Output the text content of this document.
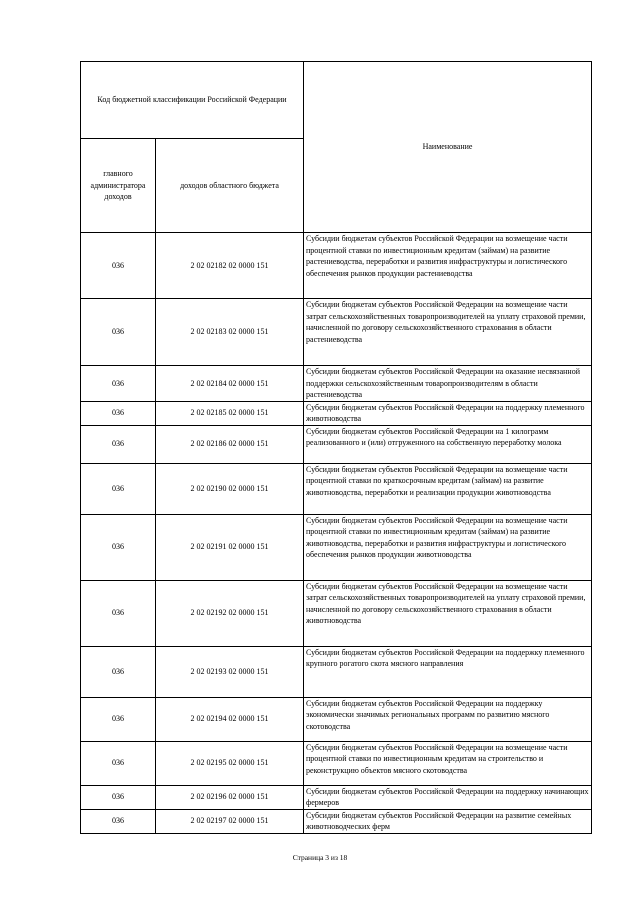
Код бюджетной классификации Российской Федерации		Наименование
главного администратора доходов	доходов областного бюджета	
036	2 02 02182 02 0000 151	Субсидии бюджетам субъектов Российской Федерации на возмещение части процентной ставки по инвестиционным кредитам (займам) на развитие растениеводства, переработки и развития инфраструктуры и логистического обеспечения рынков продукции растениеводства
036	2 02 02183 02 0000 151	Субсидии бюджетам субъектов Российской Федерации на возмещение части затрат сельскохозяйственных товаропроизводителей на уплату страховой премии, начисленной по договору сельскохозяйственного страхования в области растениеводства
036	2 02 02184 02 0000 151	Субсидии бюджетам субъектов Российской Федерации на оказание несвязанной поддержки сельскохозяйственным товаропроизводителям в области растениеводства
036	2 02 02185 02 0000 151	Субсидии бюджетам субъектов Российской Федерации на поддержку племенного животноводства
036	2 02 02186 02 0000 151	Субсидии бюджетам субъектов Российской Федерации на 1 килограмм реализованного и (или) отгруженного на собственную переработку молока
036	2 02 02190 02 0000 151	Субсидии бюджетам субъектов Российской Федерации на возмещение части процентной ставки по краткосрочным кредитам (займам) на развитие животноводства, переработки и реализации продукции животноводства
036	2 02 02191 02 0000 151	Субсидии бюджетам субъектов Российской Федерации на возмещение части процентной ставки по инвестиционным кредитам (займам) на развитие животноводства, переработки и развития инфраструктуры и логистического обеспечения рынков продукции животноводства
036	2 02 02192 02 0000 151	Субсидии бюджетам субъектов Российской Федерации на возмещение части затрат сельскохозяйственных товаропроизводителей на уплату страховой премии, начисленной по договору сельскохозяйственного страхования в области животноводства
036	2 02 02193 02 0000 151	Субсидии бюджетам субъектов Российской Федерации на поддержку племенного крупного рогатого скота мясного направления
036	2 02 02194 02 0000 151	Субсидии бюджетам субъектов Российской Федерации на поддержку экономически значимых региональных программ по развитию мясного скотоводства
036	2 02 02195 02 0000 151	Субсидии бюджетам субъектов Российской Федерации на возмещение части процентной ставки по инвестиционным кредитам на строительство и реконструкцию объектов мясного скотоводства
036	2 02 02196 02 0000 151	Субсидии бюджетам субъектов Российской Федерации на поддержку начинающих фермеров
036	2 02 02197 02 0000 151	Субсидии бюджетам субъектов Российской Федерации на развитие семейных животноводческих ферм
Страница 3 из 18
